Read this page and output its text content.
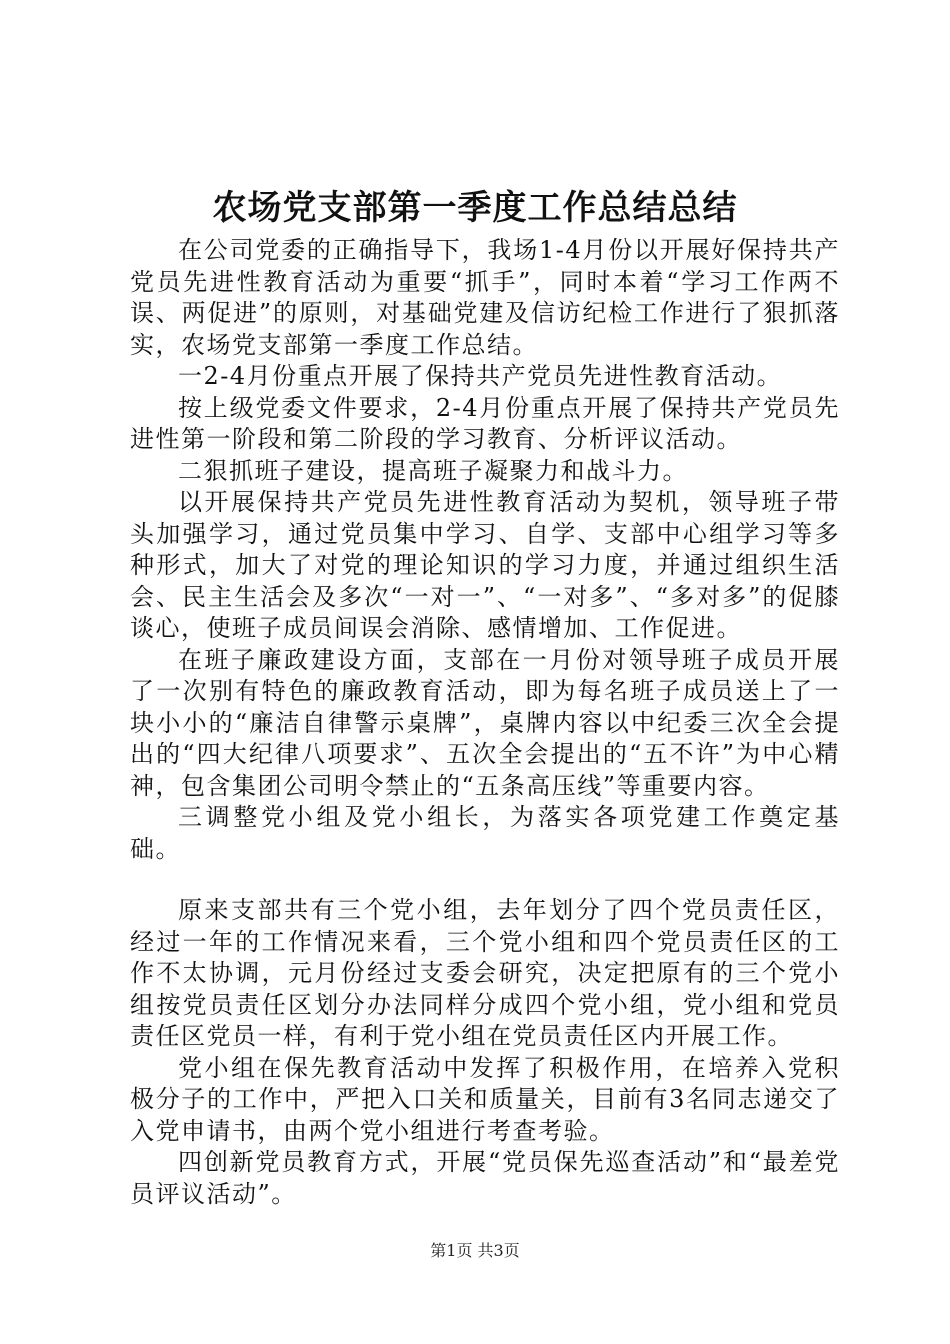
农场党支部第一季度工作总结总结

在公司党委的正确指导下，我场1-4月份以开展好保持共产党员先进性教育活动为重要“抓手”，同时本着“学习工作两不误、两促进”的原则，对基础党建及信访纪检工作进行了狠抓落实，农场党支部第一季度工作总结。

一2-4月份重点开展了保持共产党员先进性教育活动。

按上级党委文件要求，2-4月份重点开展了保持共产党员先进性第一阶段和第二阶段的学习教育、分析评议活动。

二狠抓班子建设，提高班子凝聚力和战斗力。

以开展保持共产党员先进性教育活动为契机，领导班子带头加强学习，通过党员集中学习、自学、支部中心组学习等多种形式，加大了对党的理论知识的学习力度，并通过组织生活会、民主生活会及多次“一对一”、“一对多”、“多对多”的促膝谈心，使班子成员间误会消除、感情增加、工作促进。

在班子廉政建设方面，支部在一月份对领导班子成员开展了一次别有特色的廉政教育活动，即为每名班子成员送上了一块小小的“廉洁自律警示桌牌”，桌牌内容以中纪委三次全会提出的“四大纪律八项要求”、五次全会提出的“五不许”为中心精神，包含集团公司明令禁止的“五条高压线”等重要内容。

三调整党小组及党小组长，为落实各项党建工作奠定基础。

原来支部共有三个党小组，去年划分了四个党员责任区，经过一年的工作情况来看，三个党小组和四个党员责任区的工作不太协调，元月份经过支委会研究，决定把原有的三个党小组按党员责任区划分办法同样分成四个党小组，党小组和党员责任区党员一样，有利于党小组在党员责任区内开展工作。

党小组在保先教育活动中发挥了积极作用，在培养入党积极分子的工作中，严把入口关和质量关，目前有3名同志递交了入党申请书，由两个党小组进行考查考验。

四创新党员教育方式，开展“党员保先巡查活动”和“最差党员评议活动”。

第1页 共3页
